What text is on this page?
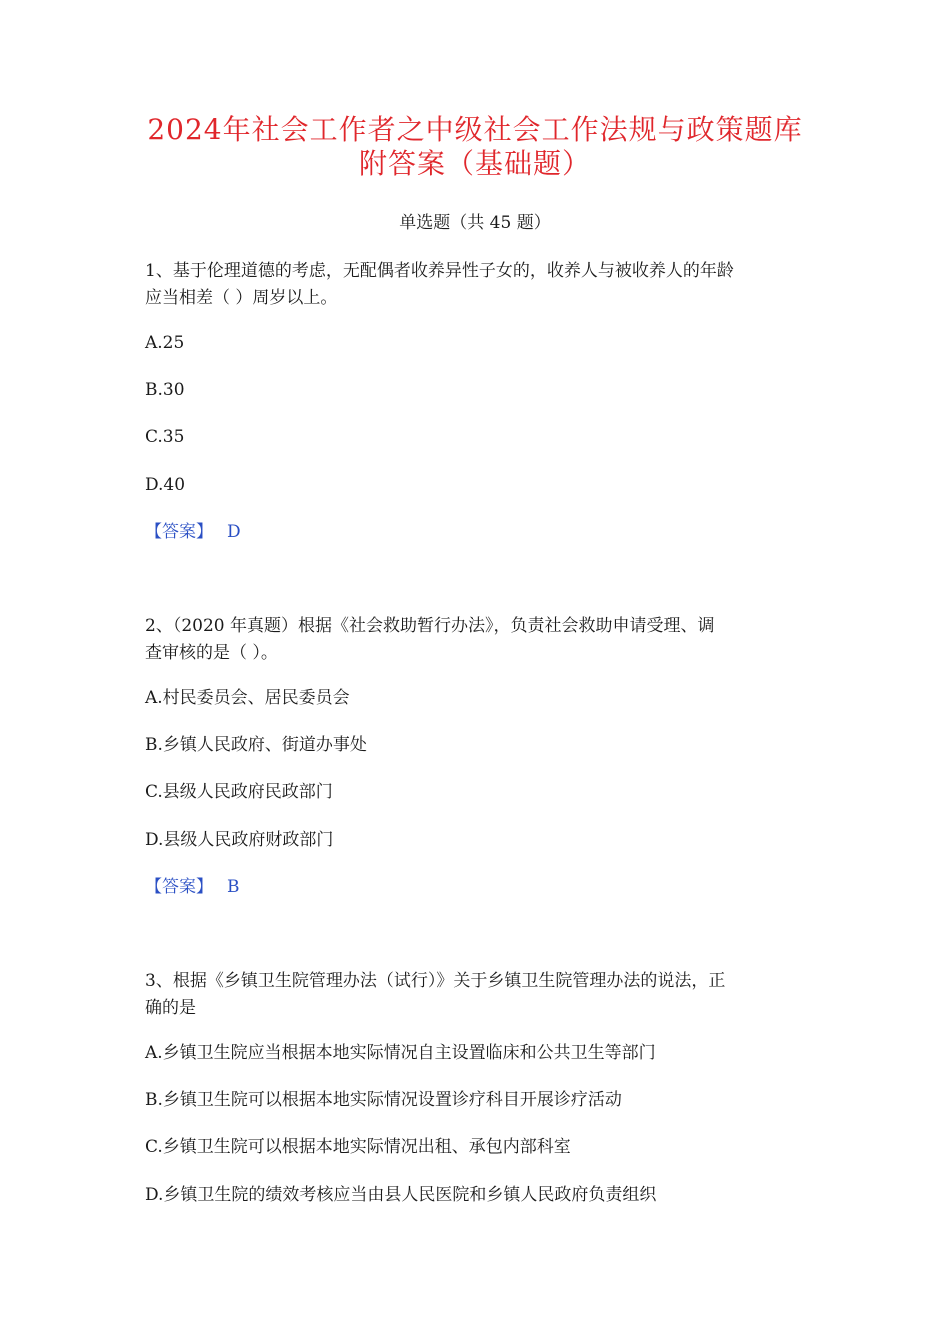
2024年社会工作者之中级社会工作法规与政策题库
附答案（基础题）
单选题（共 45 题）
1、基于伦理道德的考虑，无配偶者收养异性子女的，收养人与被收养人的年龄
应当相差（ ）周岁以上。
A.25
B.30
C.35
D.40
【答案】 D
2、（2020 年真题）根据《社会救助暂行办法》，负责社会救助申请受理、调
查审核的是（ ）。
A.村民委员会、居民委员会
B.乡镇人民政府、街道办事处
C.县级人民政府民政部门
D.县级人民政府财政部门
【答案】 B
3、根据《乡镇卫生院管理办法（试行）》关于乡镇卫生院管理办法的说法，正
确的是
A.乡镇卫生院应当根据本地实际情况自主设置临床和公共卫生等部门
B.乡镇卫生院可以根据本地实际情况设置诊疗科目开展诊疗活动
C.乡镇卫生院可以根据本地实际情况出租、承包内部科室
D.乡镇卫生院的绩效考核应当由县人民医院和乡镇人民政府负责组织
